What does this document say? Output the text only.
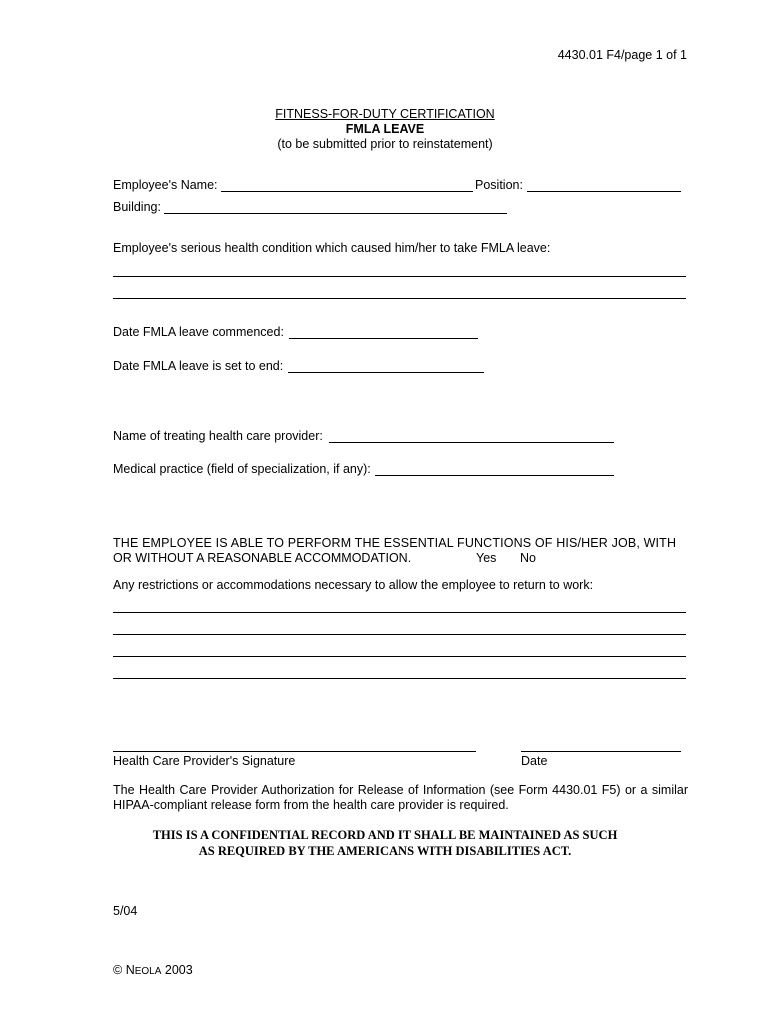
4430.01 F4/page 1 of 1
FITNESS-FOR-DUTY CERTIFICATION
FMLA LEAVE
(to be submitted prior to reinstatement)
Employee's Name:	Position:
Building:
Employee's serious health condition which caused him/her to take FMLA leave:
Date FMLA leave commenced:
Date FMLA leave is set to end:
Name of treating health care provider:
Medical practice (field of specialization, if any):
THE EMPLOYEE IS ABLE TO PERFORM THE ESSENTIAL FUNCTIONS OF HIS/HER JOB, WITH
OR WITHOUT A REASONABLE ACCOMMODATION.	Yes No
Any restrictions or accommodations necessary to allow the employee to return to work:
Health Care Provider's Signature	Date
The Health Care Provider Authorization for Release of Information (see Form 4430.01 F5) or a similar HIPAA-compliant release form from the health care provider is required.
THIS IS A CONFIDENTIAL RECORD AND IT SHALL BE MAINTAINED AS SUCH
AS REQUIRED BY THE AMERICANS WITH DISABILITIES ACT.
5/04
© NEOLA 2003
